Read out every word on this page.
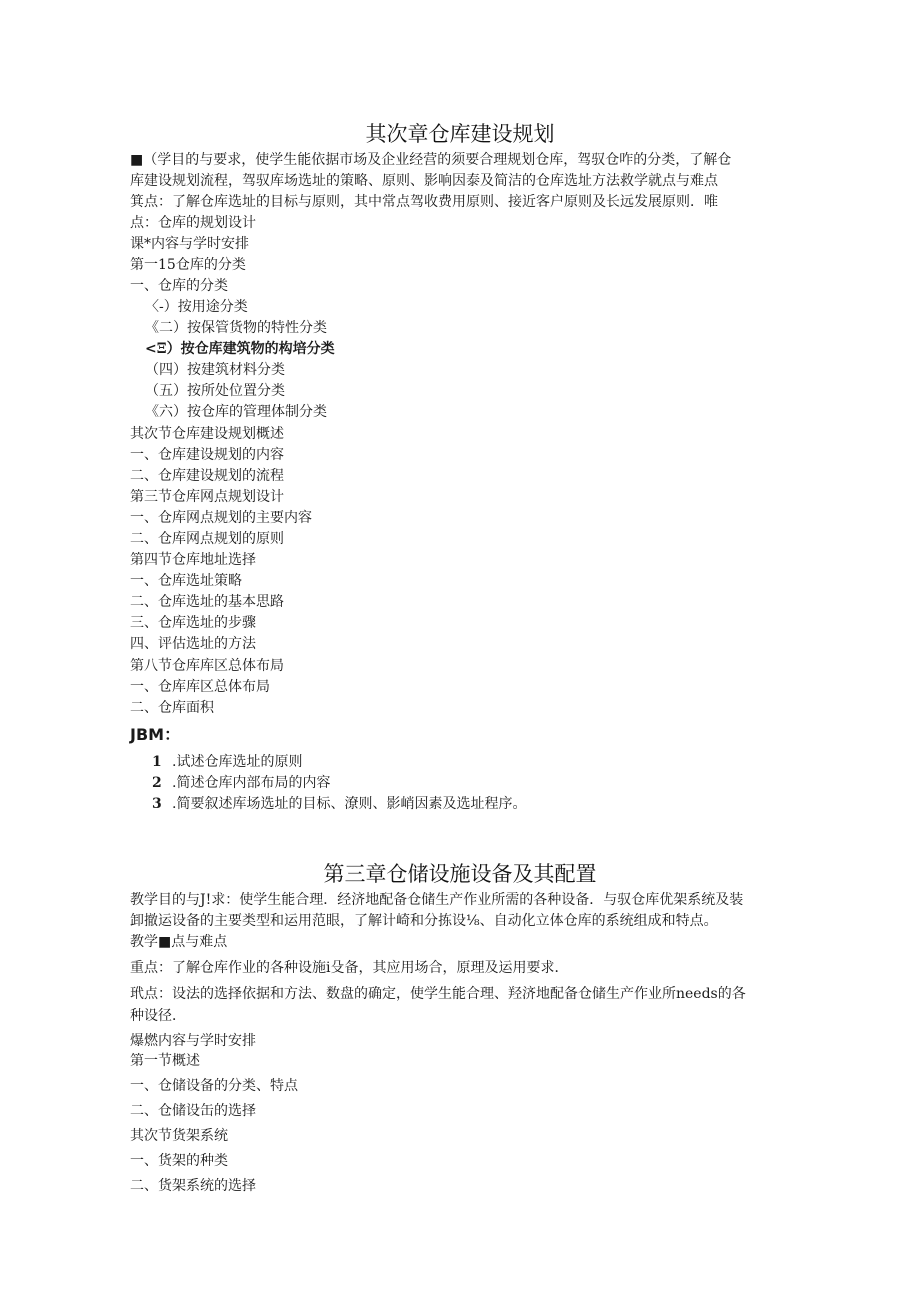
其次章仓库建设规划
■（学目的与要求，使学生能依据市场及企业经营的须要合理规划仓库，驾驭仓咋的分类，了解仓
库建设规划流程，驾驭库场选址的策略、原则、影响因泰及简洁的仓库选址方法救学就点与难点
箕点：了解仓库选址的目标与原则，其中常点驾收费用原则、接近客户原则及长远发展原则．唯
点：仓库的规划设计
课*内容与学时安排
第一15仓库的分类
一、仓库的分类
〈-）按用途分类
《二）按保管货物的特性分类
<Ξ）按仓库建筑物的构培分类
（四）按建筑材料分类
（五）按所处位置分类
《六）按仓库的管理体制分类
其次节仓库建设规划概述
一、仓库建设规划的内容
二、仓库建设规划的流程
第三节仓库网点规划设计
一、仓库网点规划的主要内容
二、仓库网点规划的原则
第四节仓库地址选择
一、仓库选址策略
二、仓库选址的基本思路
三、仓库选址的步骤
四、评估选址的方法
第八节仓库库区总体布局
一、仓库库区总体布局
二、仓库面积
JBM：
1 .试述仓库选址的原则
2 .简述仓库内部布局的内容
3 .简要叙述库场选址的目标、潦则、影峭因素及选址程序。
第三章仓储设施设备及其配置
教学目的与J!求：使学生能合理．经济地配备仓储生产作业所需的各种设备．与驭仓库优架系统及装
卸撤运设备的主要类型和运用范眼，了解计崎和分拣设⅛、自动化立体仓库的系统组成和特点。
教学■点与难点
重点：了解仓库作业的各种设施i殳备，其应用场合，原理及运用要求．
玳点：设法的选择依据和方法、数盘的确定，使学生能合理、羟济地配备仓储生产作业所needs的各
种设径．
爆燃内容与学时安排
第一节概述
一、仓储设备的分类、特点
二、仓储设缶的选择
其次节货架系统
一、货架的种类
二、货架系统的选择
